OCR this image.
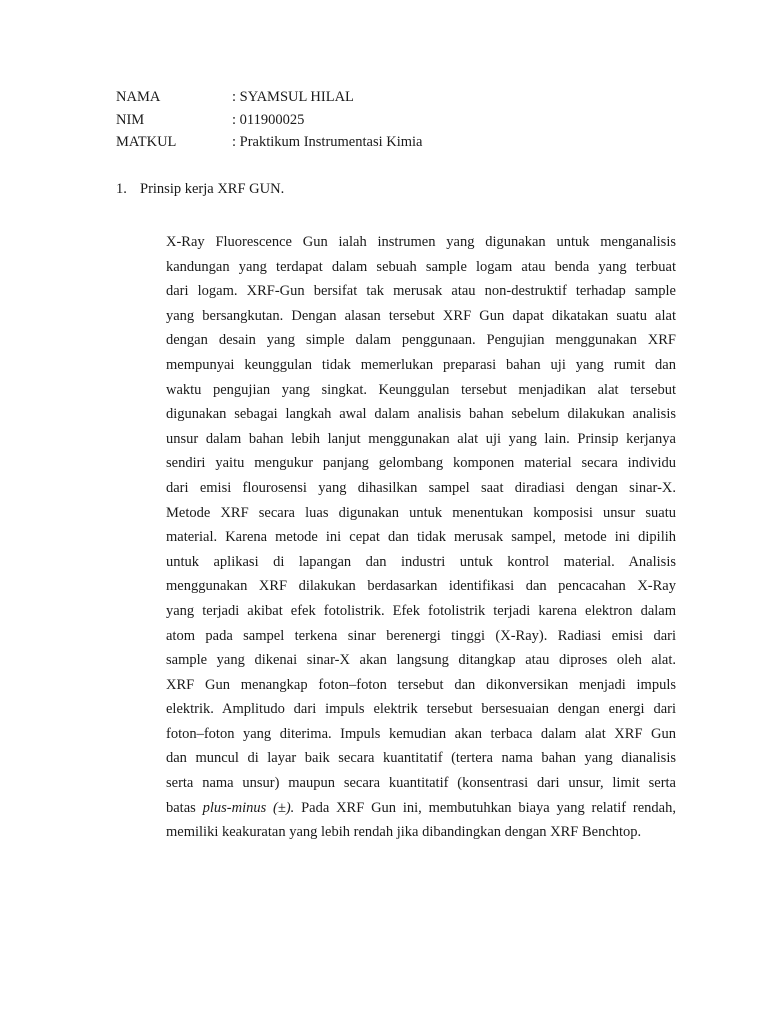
NAMA	: SYAMSUL HILAL
NIM	: 011900025
MATKUL	: Praktikum Instrumentasi Kimia
1. Prinsip kerja XRF GUN.
X-Ray Fluorescence Gun ialah instrumen yang digunakan untuk menganalisis
kandungan yang terdapat dalam sebuah sample logam atau benda yang terbuat
dari logam. XRF-Gun bersifat tak merusak atau non-destruktif terhadap sample
yang bersangkutan. Dengan alasan tersebut XRF Gun dapat dikatakan suatu alat
dengan desain yang simple dalam penggunaan. Pengujian menggunakan XRF
mempunyai keunggulan tidak memerlukan preparasi bahan uji yang rumit dan
waktu pengujian yang singkat. Keunggulan tersebut menjadikan alat tersebut
digunakan sebagai langkah awal dalam analisis bahan sebelum dilakukan analisis
unsur dalam bahan lebih lanjut menggunakan alat uji yang lain. Prinsip kerjanya
sendiri yaitu mengukur panjang gelombang komponen material secara individu
dari emisi flourosensi yang dihasilkan sampel saat diradiasi dengan sinar-X.
Metode XRF secara luas digunakan untuk menentukan komposisi unsur suatu
material. Karena metode ini cepat dan tidak merusak sampel, metode ini dipilih
untuk aplikasi di lapangan dan industri untuk kontrol material. Analisis
menggunakan XRF dilakukan berdasarkan identifikasi dan pencacahan X-Ray
yang terjadi akibat efek fotolistrik. Efek fotolistrik terjadi karena elektron dalam
atom pada sampel terkena sinar berenergi tinggi (X-Ray). Radiasi emisi dari
sample yang dikenai sinar-X akan langsung ditangkap atau diproses oleh alat.
XRF Gun menangkap foton–foton tersebut dan dikonversikan menjadi impuls
elektrik. Amplitudo dari impuls elektrik tersebut bersesuaian dengan energi dari
foton–foton yang diterima. Impuls kemudian akan terbaca dalam alat XRF Gun
dan muncul di layar baik secara kuantitatif (tertera nama bahan yang dianalisis
serta nama unsur) maupun secara kuantitatif (konsentrasi dari unsur, limit serta
batas plus-minus (±). Pada XRF Gun ini, membutuhkan biaya yang relatif rendah,
memiliki keakuratan yang lebih rendah jika dibandingkan dengan XRF Benchtop.
